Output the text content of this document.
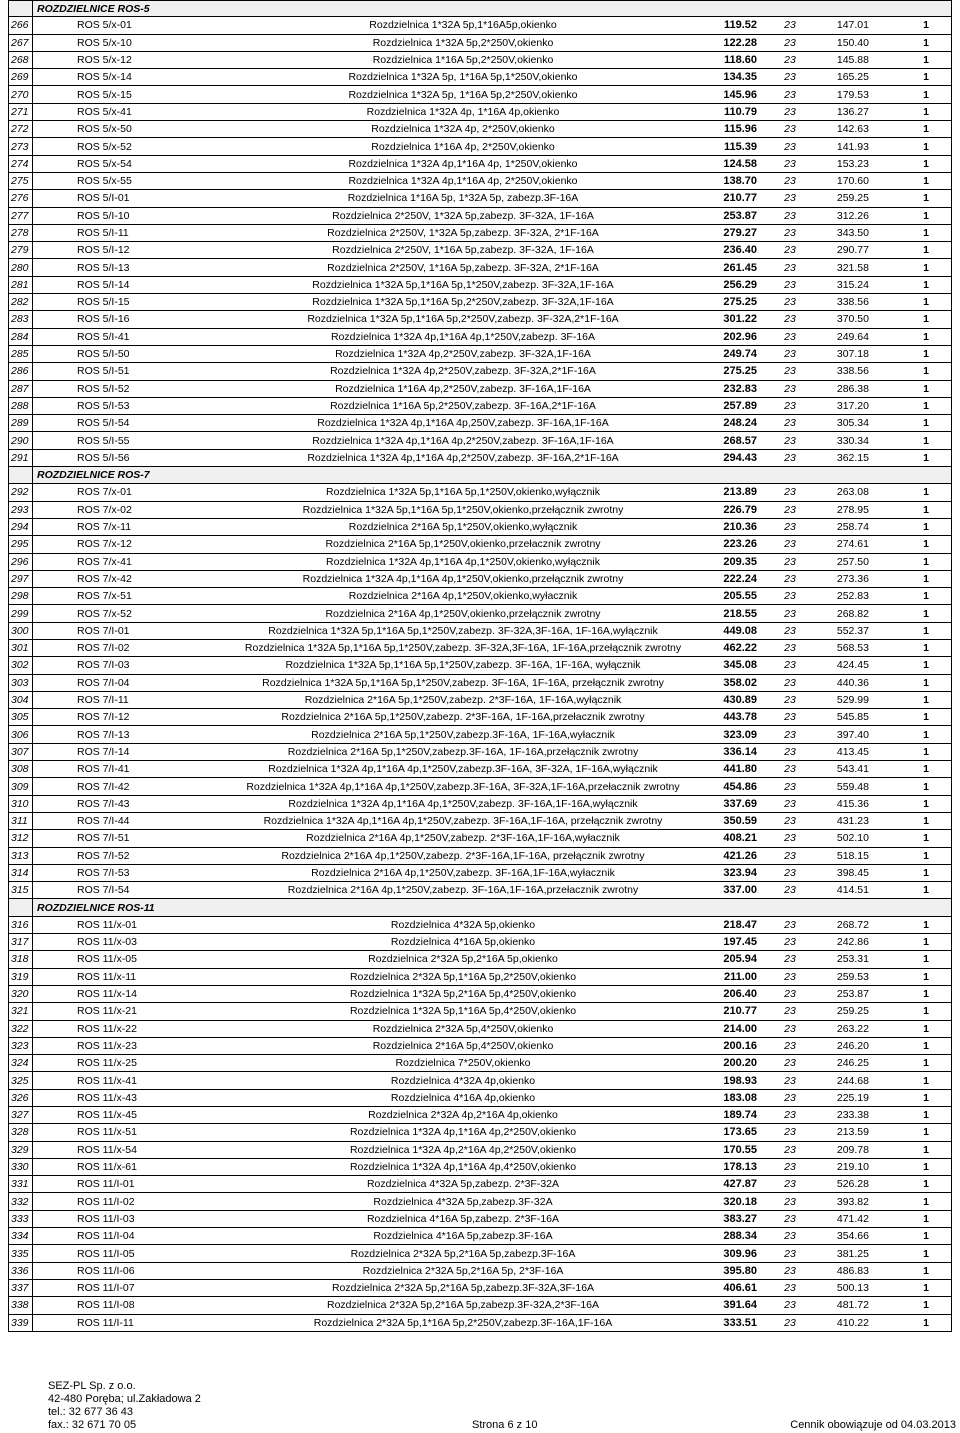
ROZDZIELNICE ROS-5
266	ROS 5/x-01	Rozdzielnica 1*32A 5p,1*16A5p,okienko	119.52	23	147.01	1
267	ROS 5/x-10	Rozdzielnica 1*32A 5p,2*250V,okienko	122.28	23	150.40	1
268	ROS 5/x-12	Rozdzielnica 1*16A 5p,2*250V,okienko	118.60	23	145.88	1
269	ROS 5/x-14	Rozdzielnica 1*32A 5p, 1*16A 5p,1*250V,okienko	134.35	23	165.25	1
270	ROS 5/x-15	Rozdzielnica 1*32A 5p, 1*16A 5p,2*250V,okienko	145.96	23	179.53	1
271	ROS 5/x-41	Rozdzielnica 1*32A 4p, 1*16A 4p,okienko	110.79	23	136.27	1
272	ROS 5/x-50	Rozdzielnica 1*32A 4p, 2*250V,okienko	115.96	23	142.63	1
273	ROS 5/x-52	Rozdzielnica 1*16A 4p, 2*250V,okienko	115.39	23	141.93	1
274	ROS 5/x-54	Rozdzielnica 1*32A 4p,1*16A 4p, 1*250V,okienko	124.58	23	153.23	1
275	ROS 5/x-55	Rozdzielnica 1*32A 4p,1*16A 4p, 2*250V,okienko	138.70	23	170.60	1
276	ROS 5/I-01	Rozdzielnica 1*16A 5p, 1*32A 5p, zabezp.3F-16A	210.77	23	259.25	1
277	ROS 5/I-10	Rozdzielnica 2*250V, 1*32A 5p,zabezp. 3F-32A, 1F-16A	253.87	23	312.26	1
278	ROS 5/I-11	Rozdzielnica 2*250V, 1*32A 5p,zabezp. 3F-32A, 2*1F-16A	279.27	23	343.50	1
279	ROS 5/I-12	Rozdzielnica 2*250V, 1*16A 5p,zabezp. 3F-32A, 1F-16A	236.40	23	290.77	1
280	ROS 5/I-13	Rozdzielnica 2*250V, 1*16A 5p,zabezp. 3F-32A, 2*1F-16A	261.45	23	321.58	1
281	ROS 5/I-14	Rozdzielnica 1*32A 5p,1*16A 5p,1*250V,zabezp. 3F-32A,1F-16A	256.29	23	315.24	1
282	ROS 5/I-15	Rozdzielnica 1*32A 5p,1*16A 5p,2*250V,zabezp. 3F-32A,1F-16A	275.25	23	338.56	1
283	ROS 5/I-16	Rozdzielnica 1*32A 5p,1*16A 5p,2*250V,zabezp. 3F-32A,2*1F-16A	301.22	23	370.50	1
284	ROS 5/I-41	Rozdzielnica 1*32A 4p,1*16A 4p,1*250V,zabezp. 3F-16A	202.96	23	249.64	1
285	ROS 5/I-50	Rozdzielnica 1*32A 4p,2*250V,zabezp. 3F-32A,1F-16A	249.74	23	307.18	1
286	ROS 5/I-51	Rozdzielnica 1*32A 4p,2*250V,zabezp. 3F-32A,2*1F-16A	275.25	23	338.56	1
287	ROS 5/I-52	Rozdzielnica 1*16A 4p,2*250V,zabezp. 3F-16A,1F-16A	232.83	23	286.38	1
288	ROS 5/I-53	Rozdzielnica 1*16A 5p,2*250V,zabezp. 3F-16A,2*1F-16A	257.89	23	317.20	1
289	ROS 5/I-54	Rozdzielnica 1*32A 4p,1*16A 4p,250V,zabezp. 3F-16A,1F-16A	248.24	23	305.34	1
290	ROS 5/I-55	Rozdzielnica 1*32A 4p,1*16A 4p,2*250V,zabezp. 3F-16A,1F-16A	268.57	23	330.34	1
291	ROS 5/I-56	Rozdzielnica 1*32A 4p,1*16A 4p,2*250V,zabezp. 3F-16A,2*1F-16A	294.43	23	362.15	1
ROZDZIELNICE ROS-7
292	ROS 7/x-01	Rozdzielnica 1*32A 5p,1*16A 5p,1*250V,okienko,wyłącznik	213.89	23	263.08	1
293	ROS 7/x-02	Rozdzielnica 1*32A 5p,1*16A 5p,1*250V,okienko,przełącznik zwrotny	226.79	23	278.95	1
294	ROS 7/x-11	Rozdzielnica 2*16A 5p,1*250V,okienko,wyłącznik	210.36	23	258.74	1
295	ROS 7/x-12	Rozdzielnica 2*16A 5p,1*250V,okienko,przełacznik zwrotny	223.26	23	274.61	1
296	ROS 7/x-41	Rozdzielnica 1*32A 4p,1*16A 4p,1*250V,okienko,wyłącznik	209.35	23	257.50	1
297	ROS 7/x-42	Rozdzielnica 1*32A 4p,1*16A 4p,1*250V,okienko,przełącznik zwrotny	222.24	23	273.36	1
298	ROS 7/x-51	Rozdzielnica 2*16A 4p,1*250V,okienko,wyłacznik	205.55	23	252.83	1
299	ROS 7/x-52	Rozdzielnica 2*16A 4p,1*250V,okienko,przełącznik zwrotny	218.55	23	268.82	1
300	ROS 7/I-01	Rozdzielnica 1*32A 5p,1*16A 5p,1*250V,zabezp. 3F-32A,3F-16A, 1F-16A,wyłącznik	449.08	23	552.37	1
301	ROS 7/I-02	Rozdzielnica 1*32A 5p,1*16A 5p,1*250V,zabezp. 3F-32A,3F-16A, 1F-16A,przełącznik zwrotny	462.22	23	568.53	1
302	ROS 7/I-03	Rozdzielnica 1*32A 5p,1*16A 5p,1*250V,zabezp. 3F-16A, 1F-16A, wyłącznik	345.08	23	424.45	1
303	ROS 7/I-04	Rozdzielnica 1*32A 5p,1*16A 5p,1*250V,zabezp. 3F-16A, 1F-16A, przełącznik zwrotny	358.02	23	440.36	1
304	ROS 7/I-11	Rozdzielnica 2*16A 5p,1*250V,zabezp. 2*3F-16A, 1F-16A,wyłącznik	430.89	23	529.99	1
305	ROS 7/I-12	Rozdzielnica 2*16A 5p,1*250V,zabezp. 2*3F-16A, 1F-16A,przełacznik zwrotny	443.78	23	545.85	1
306	ROS 7/I-13	Rozdzielnica 2*16A 5p,1*250V,zabezp.3F-16A, 1F-16A,wyłacznik	323.09	23	397.40	1
307	ROS 7/I-14	Rozdzielnica 2*16A 5p,1*250V,zabezp.3F-16A, 1F-16A,przełącznik zwrotny	336.14	23	413.45	1
308	ROS 7/I-41	Rozdzielnica 1*32A 4p,1*16A 4p,1*250V,zabezp.3F-16A, 3F-32A, 1F-16A,wyłącznik	441.80	23	543.41	1
309	ROS 7/I-42	Rozdzielnica 1*32A 4p,1*16A 4p,1*250V,zabezp.3F-16A, 3F-32A,1F-16A,przełacznik zwrotny	454.86	23	559.48	1
310	ROS 7/I-43	Rozdzielnica 1*32A 4p,1*16A 4p,1*250V,zabezp. 3F-16A,1F-16A,wyłącznik	337.69	23	415.36	1
311	ROS 7/I-44	Rozdzielnica 1*32A 4p,1*16A 4p,1*250V,zabezp. 3F-16A,1F-16A, przełącznik zwrotny	350.59	23	431.23	1
312	ROS 7/I-51	Rozdzielnica 2*16A 4p,1*250V,zabezp. 2*3F-16A,1F-16A,wyłacznik	408.21	23	502.10	1
313	ROS 7/I-52	Rozdzielnica 2*16A 4p,1*250V,zabezp. 2*3F-16A,1F-16A, przełącznik zwrotny	421.26	23	518.15	1
314	ROS 7/I-53	Rozdzielnica 2*16A 4p,1*250V,zabezp. 3F-16A,1F-16A,wyłacznik	323.94	23	398.45	1
315	ROS 7/I-54	Rozdzielnica 2*16A 4p,1*250V,zabezp. 3F-16A,1F-16A,przełacznik zwrotny	337.00	23	414.51	1
ROZDZIELNICE ROS-11
316	ROS 11/x-01	Rozdzielnica 4*32A 5p,okienko	218.47	23	268.72	1
317	ROS 11/x-03	Rozdzielnica 4*16A 5p,okienko	197.45	23	242.86	1
318	ROS 11/x-05	Rozdzielnica 2*32A 5p,2*16A 5p,okienko	205.94	23	253.31	1
319	ROS 11/x-11	Rozdzielnica 2*32A 5p,1*16A 5p,2*250V,okienko	211.00	23	259.53	1
320	ROS 11/x-14	Rozdzielnica 1*32A 5p,2*16A 5p,4*250V,okienko	206.40	23	253.87	1
321	ROS 11/x-21	Rozdzielnica 1*32A 5p,1*16A 5p,4*250V,okienko	210.77	23	259.25	1
322	ROS 11/x-22	Rozdzielnica 2*32A 5p,4*250V,okienko	214.00	23	263.22	1
323	ROS 11/x-23	Rozdzielnica 2*16A 5p,4*250V,okienko	200.16	23	246.20	1
324	ROS 11/x-25	Rozdzielnica 7*250V,okienko	200.20	23	246.25	1
325	ROS 11/x-41	Rozdzielnica 4*32A 4p,okienko	198.93	23	244.68	1
326	ROS 11/x-43	Rozdzielnica 4*16A 4p,okienko	183.08	23	225.19	1
327	ROS 11/x-45	Rozdzielnica 2*32A 4p,2*16A 4p,okienko	189.74	23	233.38	1
328	ROS 11/x-51	Rozdzielnica 1*32A 4p,1*16A 4p,2*250V,okienko	173.65	23	213.59	1
329	ROS 11/x-54	Rozdzielnica 1*32A 4p,2*16A 4p,2*250V,okienko	170.55	23	209.78	1
330	ROS 11/x-61	Rozdzielnica 1*32A 4p,1*16A 4p,4*250V,okienko	178.13	23	219.10	1
331	ROS 11/I-01	Rozdzielnica 4*32A 5p,zabezp. 2*3F-32A	427.87	23	526.28	1
332	ROS 11/I-02	Rozdzielnica 4*32A 5p,zabezp.3F-32A	320.18	23	393.82	1
333	ROS 11/I-03	Rozdzielnica 4*16A 5p,zabezp. 2*3F-16A	383.27	23	471.42	1
334	ROS 11/I-04	Rozdzielnica 4*16A 5p,zabezp.3F-16A	288.34	23	354.66	1
335	ROS 11/I-05	Rozdzielnica 2*32A 5p,2*16A 5p,zabezp.3F-16A	309.96	23	381.25	1
336	ROS 11/I-06	Rozdzielnica 2*32A 5p,2*16A 5p, 2*3F-16A	395.80	23	486.83	1
337	ROS 11/I-07	Rozdzielnica 2*32A 5p,2*16A 5p,zabezp.3F-32A,3F-16A	406.61	23	500.13	1
338	ROS 11/I-08	Rozdzielnica 2*32A 5p,2*16A 5p,zabezp.3F-32A,2*3F-16A	391.64	23	481.72	1
339	ROS 11/I-11	Rozdzielnica 2*32A 5p,1*16A 5p,2*250V,zabezp.3F-16A,1F-16A	333.51	23	410.22	1
SEZ-PL Sp. z o.o.
42-480 Poręba; ul.Zakładowa 2
tel.: 32 677 36 43
fax.: 32 671 70 05	Strona 6 z 10	Cennik obowiązuje od 04.03.2013
